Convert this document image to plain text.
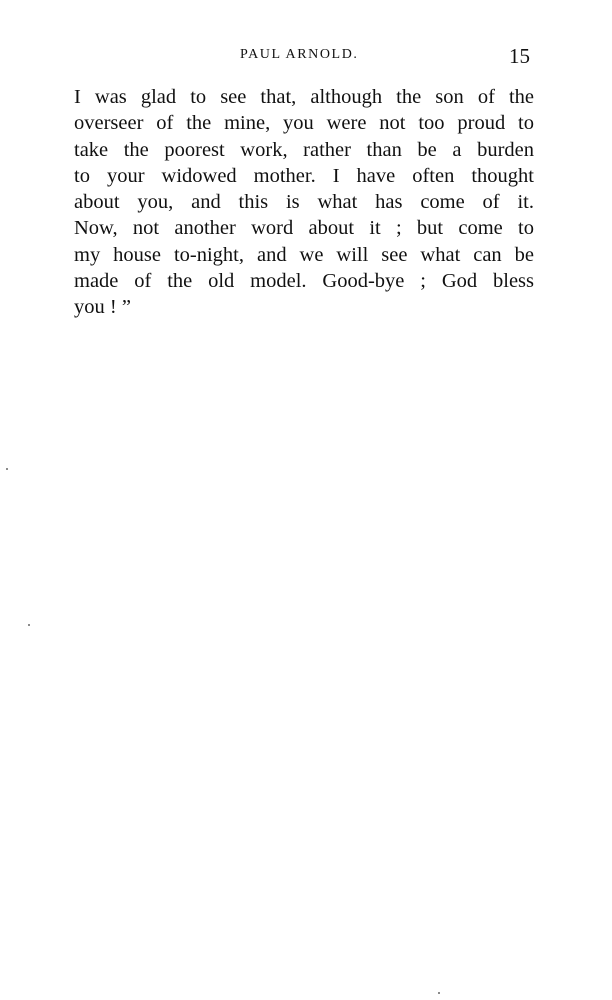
PAUL ARNOLD.	15
I was glad to see that, although the son of the
overseer of the mine, you were not too proud to
take the poorest work, rather than be a burden
to your widowed mother. I have often thought
about you, and this is what has come of it.
Now, not another word about it ; but come to
my house to-night, and we will see what can be
made of the old model. Good-bye ; God bless
you ! ”
